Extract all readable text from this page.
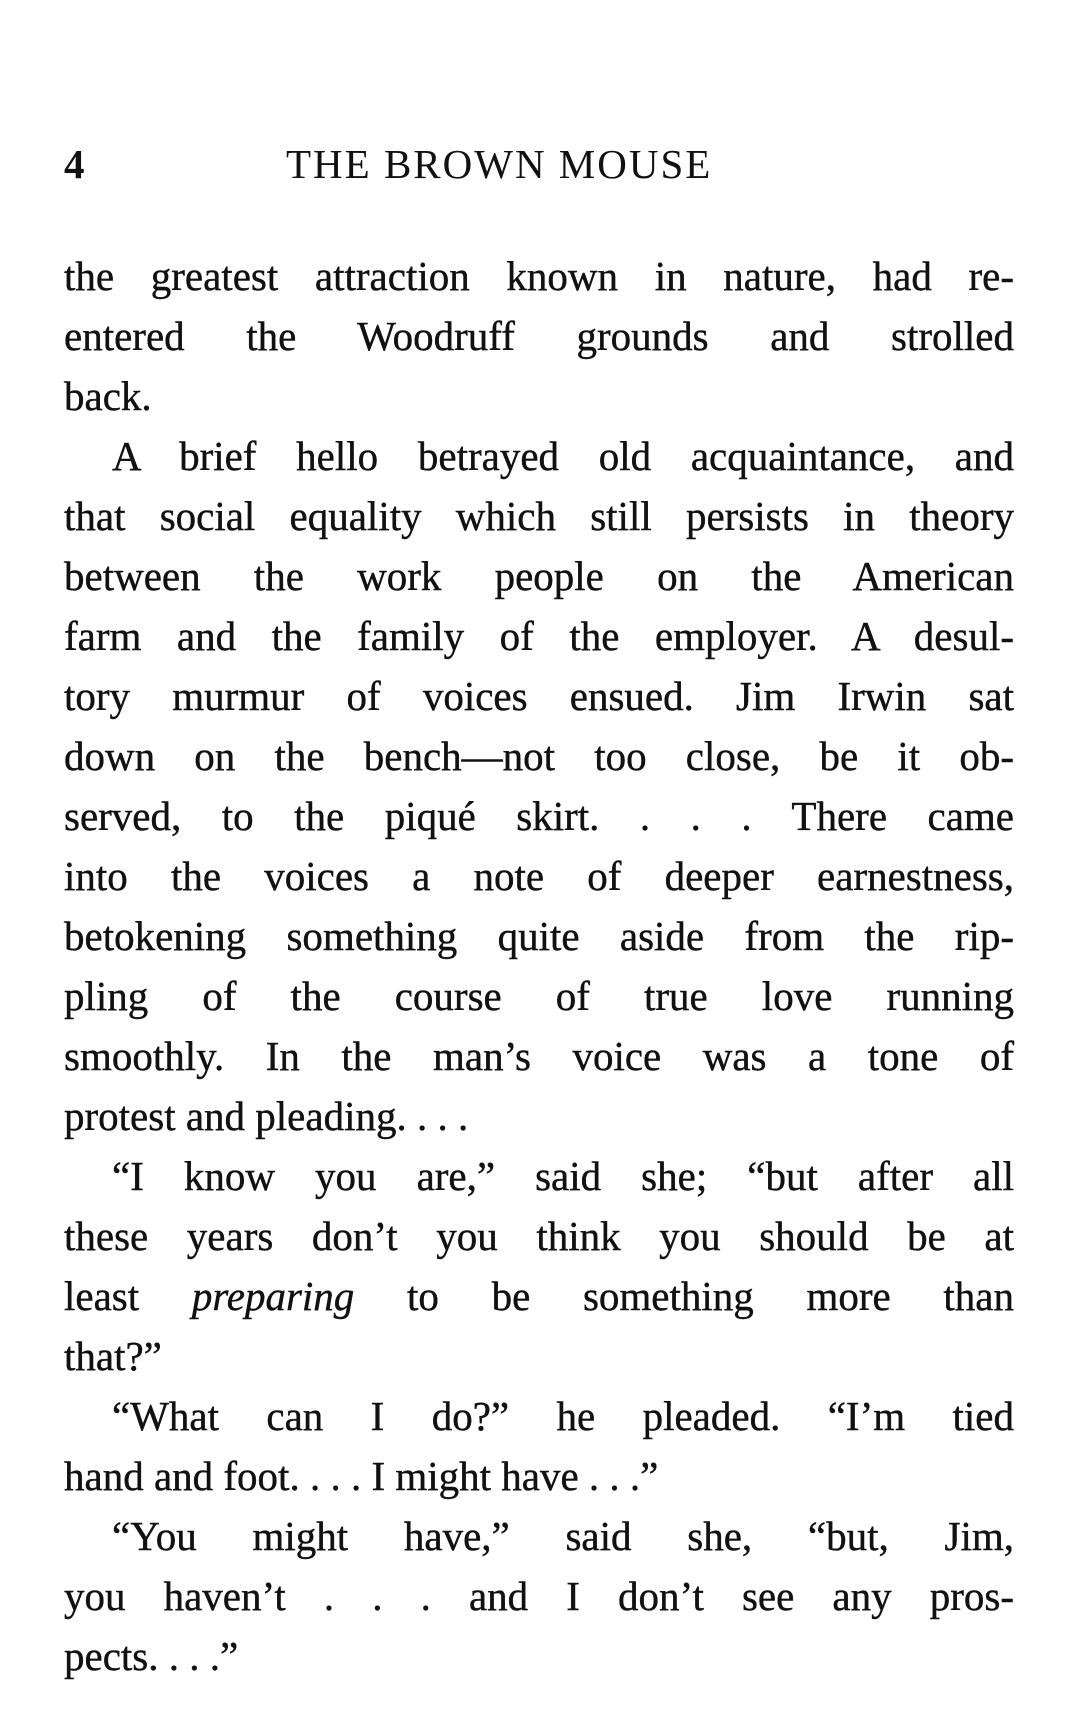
4	THE BROWN MOUSE
the greatest attraction known in nature, had re-
entered the Woodruff grounds and strolled
back.
A brief hello betrayed old acquaintance, and
that social equality which still persists in theory
between the work people on the American
farm and the family of the employer. A desul-
tory murmur of voices ensued. Jim Irwin sat
down on the bench—not too close, be it ob-
served, to the piqué skirt. . . . There came
into the voices a note of deeper earnestness,
betokening something quite aside from the rip-
pling of the course of true love running
smoothly. In the man’s voice was a tone of
protest and pleading. . . .
“I know you are,” said she; “but after all
these years don’t you think you should be at
least preparing to be something more than
that?”
“What can I do?” he pleaded. “I’m tied
hand and foot. . . . I might have . . .”
“You might have,” said she, “but, Jim,
you haven’t . . . and I don’t see any pros-
pects. . . .”
